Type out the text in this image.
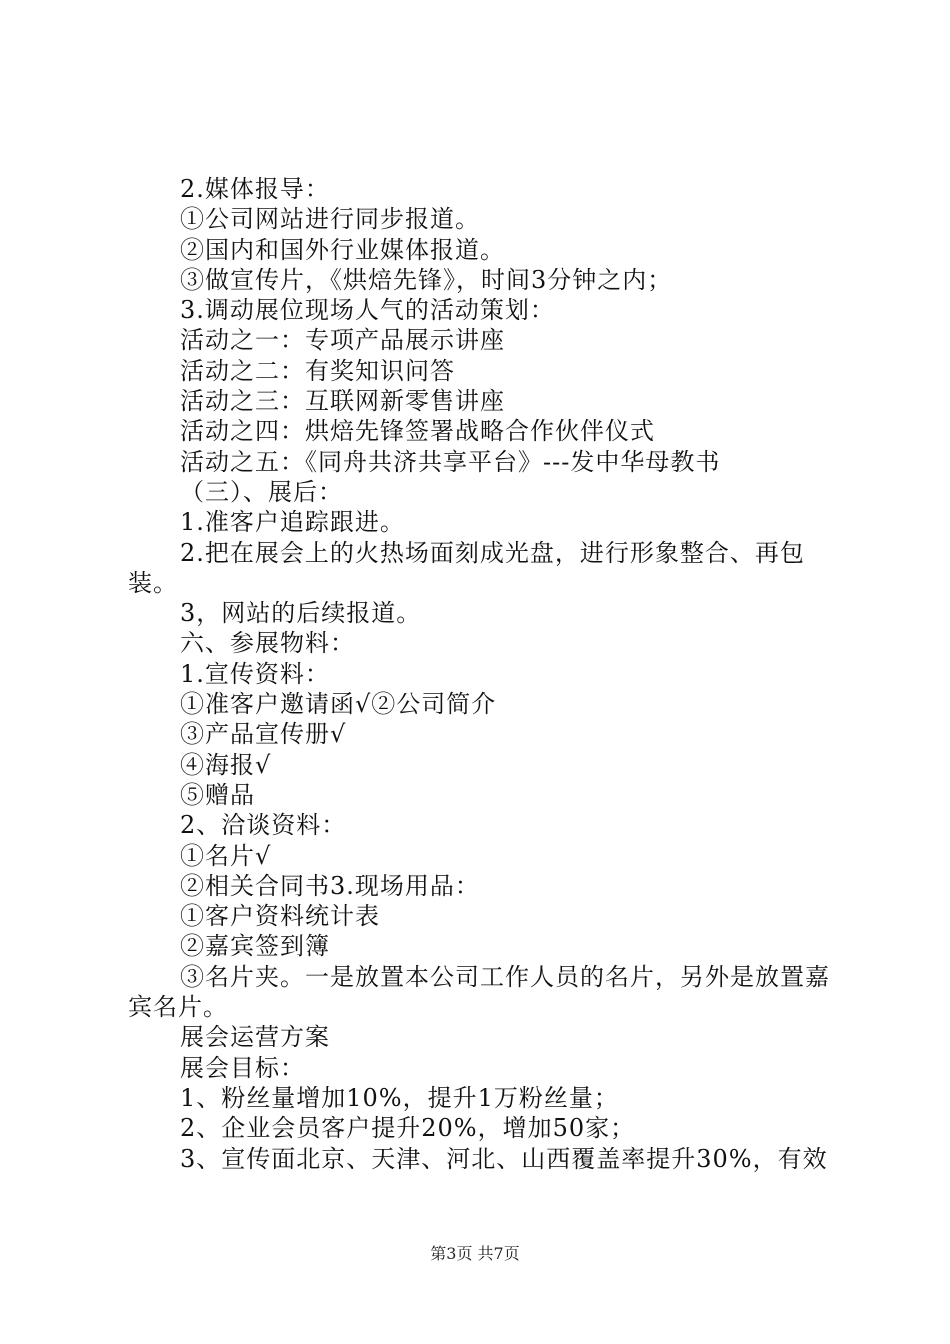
2.媒体报导：

①公司网站进行同步报道。

②国内和国外行业媒体报道。

③做宣传片，《烘焙先锋》，时间3分钟之内；

3.调动展位现场人气的活动策划：

活动之一：专项产品展示讲座

活动之二：有奖知识问答

活动之三：互联网新零售讲座

活动之四：烘焙先锋签署战略合作伙伴仪式

活动之五：《同舟共济共享平台》---发中华母教书

（三）、展后：

1.准客户追踪跟进。

2.把在展会上的火热场面刻成光盘，进行形象整合、再包装。

3，网站的后续报道。

六、参展物料：

1.宣传资料：

①准客户邀请函√②公司简介

③产品宣传册√

④海报√

⑤赠品

2、洽谈资料：

①名片√

②相关合同书3.现场用品：

①客户资料统计表

②嘉宾签到簿

③名片夹。一是放置本公司工作人员的名片，另外是放置嘉宾名片。

展会运营方案

展会目标：

1、粉丝量增加10%，提升1万粉丝量；

2、企业会员客户提升20%，增加50家；

3、宣传面北京、天津、河北、山西覆盖率提升30%，有效

第3页 共7页
